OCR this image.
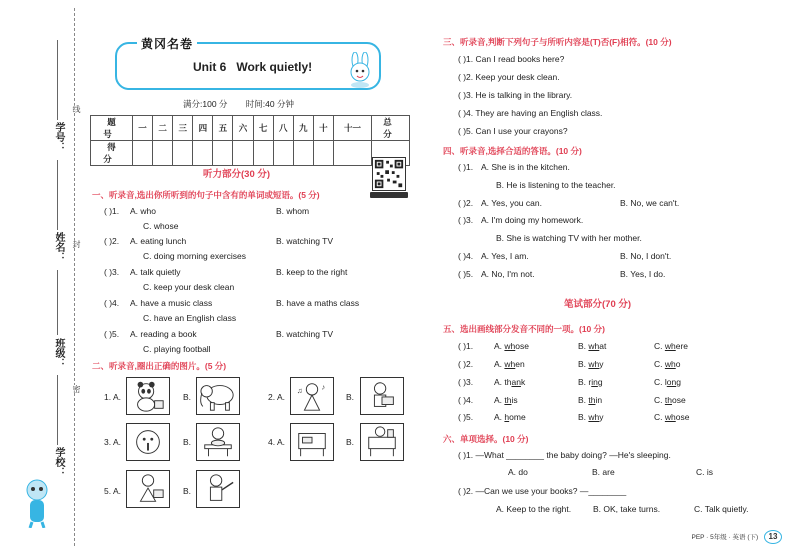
学号：
姓名：
班级：
学校：
线
封
密
黄冈名卷
Unit 6   Work quietly!
满分:100 分 时间:40 分钟
题 号	一	二	三	四	五	六	七	八	九	十	十一	总 分
得 分												
听力部分(30 分)
一、听录音,选出你所听到的句子中含有的单词或短语。(5 分)
( )1. A. who	B. whom
C. whose
( )2. A. eating lunch	B. watching TV
C. doing morning exercises
( )3. A. talk quietly	B. keep to the right
C. keep your desk clean
( )4. A. have a music class	B. have a maths class
C. have an English class
( )5. A. reading a book	B. watching TV
C. playing football
二、听录音,圈出正确的图片。(5 分)
1. A.	B.	2. A.
♪
♫
B.
3. A.	B.	4. A.	B.
5. A.	B.
三、听录音,判断下列句子与所听内容是(T)否(F)相符。(10 分)
( )1. Can I read books here?
( )2. Keep your desk clean.
( )3. He is talking in the library.
( )4. They are having an English class.
( )5. Can I use your crayons?
四、听录音,选择合适的答语。(10 分)
( )1. A. She is in the kitchen.
B. He is listening to the teacher.
( )2. A. Yes, you can.	B. No, we can't.
( )3. A. I'm doing my homework.
B. She is watching TV with her mother.
( )4. A. Yes, I am.	B. No, I don't.
( )5. A. No, I'm not.	B. Yes, I do.
笔试部分(70 分)
五、选出画线部分发音不同的一项。(10 分)
( )1. A. whose	B. what	C. where
( )2. A. when	B. why	C. who
( )3. A. thank	B. ring	C. long
( )4. A. this	B. thin	C. those
( )5. A. home	B. why	C. whose
六、单项选择。(10 分)
( )1. —What ________ the baby doing? —He's sleeping.
A. do	B. are	C. is
( )2. —Can we use your books? —________
A. Keep to the right.	B. OK, take turns.	C. Talk quietly.
PEP · 5年级 · 英语 (下) 13
